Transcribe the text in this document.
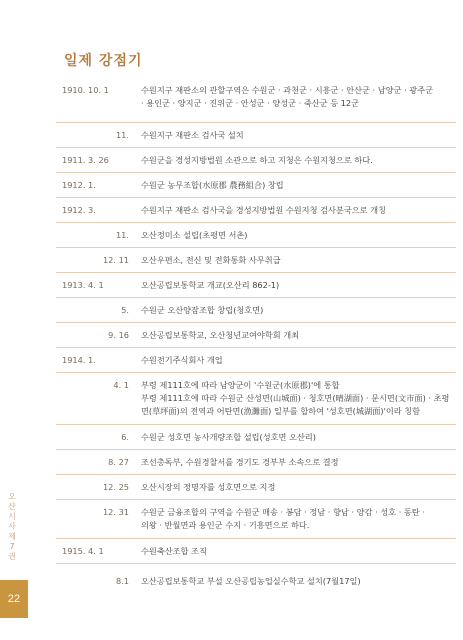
일제 강점기
1910. 10. 1	수원지구 재판소의 관할구역은 수원군 · 과천군 · 시흥군 · 안산군 · 남양군 · 광주군
· 용인군 · 양지군 · 진위군 · 안성군 · 양성군 · 죽산군 등 12군
11.	수원지구 재판소 검사국 설치
1911. 3. 26	수원군을 경성지방법원 소관으로 하고 지청은 수원지청으로 하다.
1912. 1.	수원군 농무조합(水原郡 農務組合) 창립
1912. 3.	수원지구 재판소 검사국을 경성지방법원 수원지청 검사분국으로 개칭
11.	오산정미소 설립(초평면 서촌)
12. 11	오산우편소, 전신 및 전화통화 사무취급
1913. 4. 1	오산공립보통학교 개교(오산리 862-1)
5.	수원군 오산양잠조합 창립(청호면)
9. 16	오산공립보통학교, 오산청년교여야학회 개최
1914. 1.	수원전기주식회사 개업
4. 1	부령 제111호에 따라 남양군이 '수원군(水原郡)'에 통합
부령 제111호에 따라 수원군 산성면(山城面) · 청호면(晴湖面) · 문시면(文市面) · 초평
면(草坪面)의 전역과 어탄면(漁灘面) 일부를 합하여 '성호면(城湖面)'이라 칭함
6.	수원군 성호면 농사개량조합 설립(성호면 오산리)
8. 27	조선총독부, 수원경찰서를 경기도 경부부 소속으로 결정
12. 25	오산시장의 정명자를 성호면으로 지정
12. 31	수원군 금융조합의 구역을 수원군 매송 · 봉담 · 정남 · 향남 · 양감 · 성호 · 동탄 ·
의왕 · 반월면과 용인군 수지 · 기흥면으로 하다.
1915. 4. 1	수원축산조합 조직
8.1	오산공립보통학교 부설 오산공립농업실수학교 설치(7월17일)
오산시사 제7권
22
